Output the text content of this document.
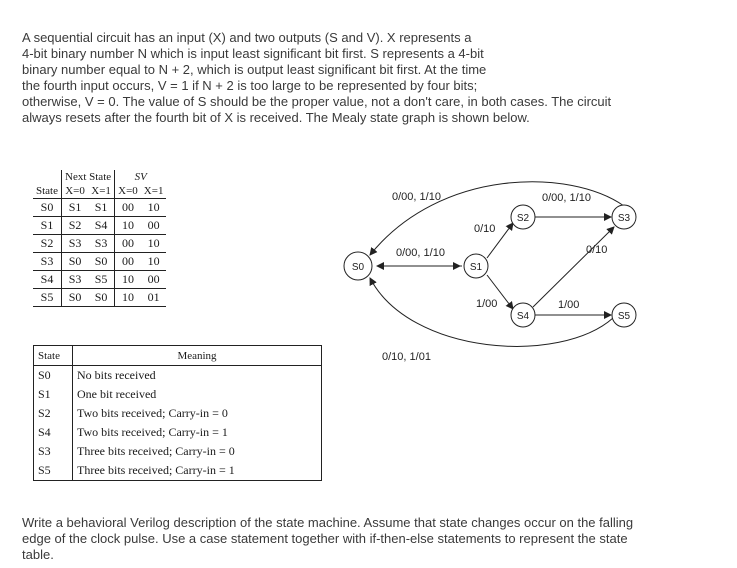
A sequential circuit has an input (X) and two outputs (S and V). X represents a
4-bit binary number N which is input least significant bit first. S represents a 4-bit
binary number equal to N + 2, which is output least significant bit first. At the time
the fourth input occurs, V = 1 if N + 2 is too large to be represented by four bits;
otherwise, V = 0. The value of S should be the proper value, not a don't care, in both cases. The circuit
always resets after the fourth bit of X is received. The Mealy state graph is shown below.
	Next State		SV	
State	X=0	X=1	X=0	X=1
S0	S1	S1	00	10
S1	S2	S4	10	00
S2	S3	S3	00	10
S3	S0	S0	00	10
S4	S3	S5	10	00
S5	S0	S0	10	01
State	Meaning
S0	No bits received
S1	One bit received
S2	Two bits received; Carry-in = 0
S4	Two bits received; Carry-in = 1
S3	Three bits received; Carry-in = 0
S5	Three bits received; Carry-in = 1
S0	S1
S2	S3
S4	S5
0/00, 1/10
0/00, 1/10
0/10, 1/01
0/10
1/00
0/00, 1/10
0/10
1/00
Write a behavioral Verilog description of the state machine. Assume that state changes occur on the falling
edge of the clock pulse. Use a case statement together with if-then-else statements to represent the state
table.
